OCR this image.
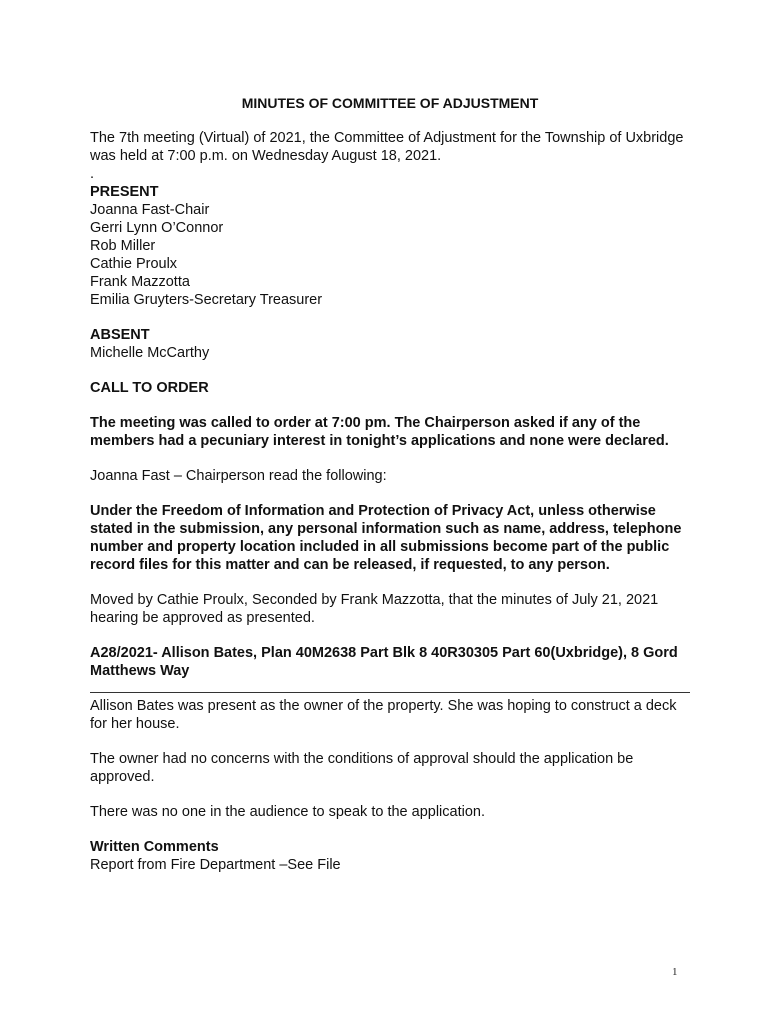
MINUTES OF COMMITTEE OF ADJUSTMENT

The 7th meeting (Virtual) of 2021, the Committee of Adjustment for the Township of Uxbridge was held at 7:00 p.m. on Wednesday August 18, 2021.

.

PRESENT

Joanna Fast-Chair
Gerri Lynn O’Connor
Rob Miller
Cathie Proulx
Frank Mazzotta
Emilia Gruyters-Secretary Treasurer

ABSENT

Michelle McCarthy

CALL TO ORDER

The meeting was called to order at 7:00 pm. The Chairperson asked if any of the members had a pecuniary interest in tonight’s applications and none were declared.

Joanna Fast – Chairperson read the following:

Under the Freedom of Information and Protection of Privacy Act, unless otherwise stated in the submission, any personal information such as name, address, telephone number and property location included in all submissions become part of the public record files for this matter and can be released, if requested, to any person.

Moved by Cathie Proulx, Seconded by Frank Mazzotta, that the minutes of July 21, 2021 hearing be approved as presented.

A28/2021- Allison Bates, Plan 40M2638 Part Blk 8 40R30305 Part 60(Uxbridge), 8 Gord Matthews Way

Allison Bates was present as the owner of the property. She was hoping to construct a deck for her house.

The owner had no concerns with the conditions of approval should the application be approved.

There was no one in the audience to speak to the application.

Written Comments

Report from Fire Department –See File

1
